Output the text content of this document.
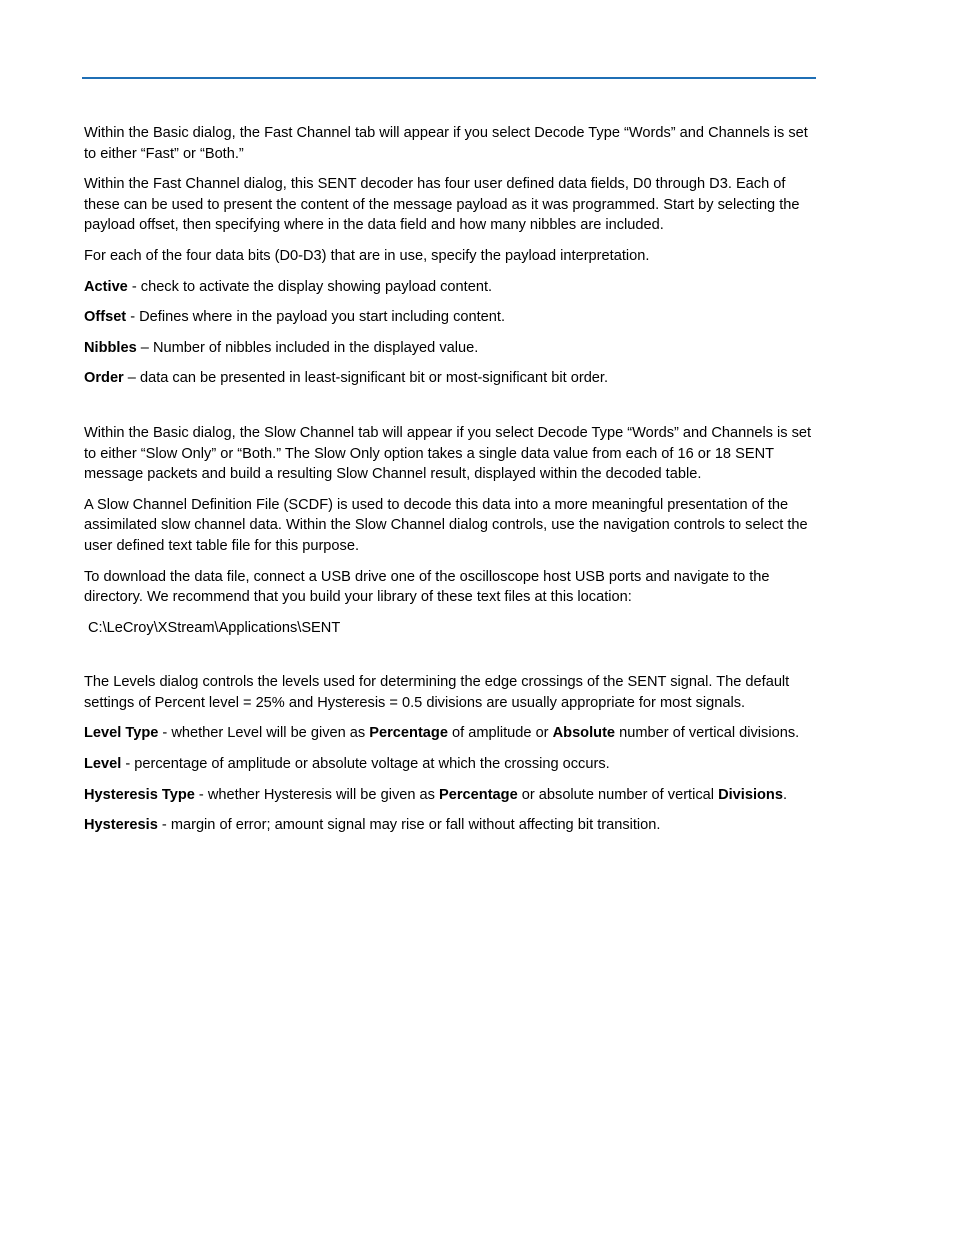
Within the Basic dialog, the Fast Channel tab will appear if you select Decode Type “Words” and Channels is set to either “Fast” or “Both.”

Within the Fast Channel dialog, this SENT decoder has four user defined data fields, D0 through D3. Each of these can be used to present the content of the message payload as it was programmed. Start by selecting the payload offset, then specifying where in the data field and how many nibbles are included.

For each of the four data bits (D0-D3) that are in use, specify the payload interpretation.

Active - check to activate the display showing payload content.

Offset - Defines where in the payload you start including content.

Nibbles – Number of nibbles included in the displayed value.

Order – data can be presented in least-significant bit or most-significant bit order.

Within the Basic dialog, the Slow Channel tab will appear if you select Decode Type “Words” and Channels is set to either “Slow Only” or “Both.” The Slow Only option takes a single data value from each of 16 or 18 SENT message packets and build a resulting Slow Channel result, displayed within the decoded table.

A Slow Channel Definition File (SCDF) is used to decode this data into a more meaningful presentation of the assimilated slow channel data. Within the Slow Channel dialog controls, use the navigation controls to select the user defined text table file for this purpose.

To download the data file, connect a USB drive one of the oscilloscope host USB ports and navigate to the directory. We recommend that you build your library of these text files at this location:

C:\LeCroy\XStream\Applications\SENT

The Levels dialog controls the levels used for determining the edge crossings of the SENT signal. The default settings of Percent level = 25% and Hysteresis = 0.5 divisions are usually appropriate for most signals.

Level Type - whether Level will be given as Percentage of amplitude or Absolute number of vertical divisions.

Level - percentage of amplitude or absolute voltage at which the crossing occurs.

Hysteresis Type - whether Hysteresis will be given as Percentage or absolute number of vertical Divisions.

Hysteresis - margin of error; amount signal may rise or fall without affecting bit transition.
